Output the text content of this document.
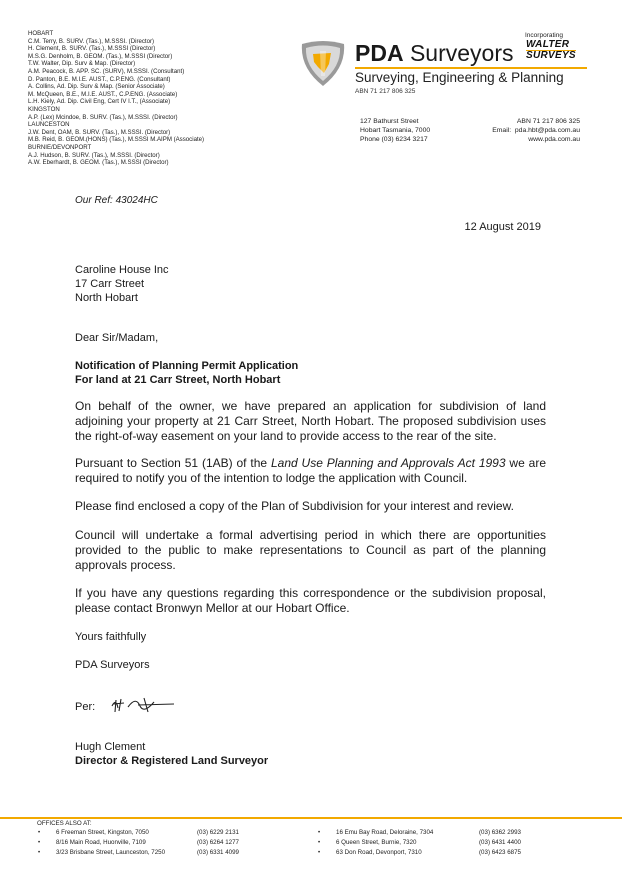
HOBART
C.M. Terry, B. SURV. (Tas.), M.SSSI. (Director)
H. Clement, B. SURV. (Tas.), M.SSSI (Director)
M.S.G. Denholm, B. GEOM. (Tas.), M.SSSI (Director)
T.W. Walter, Dip. Surv & Map. (Director)
A.M. Peacock, B. APP. SC. (SURV), M.SSSI. (Consultant)
D. Panton, B.E. M.I.E. AUST., C.P.ENG. (Consultant)
A. Collins, Ad. Dip. Surv & Map. (Senior Associate)
M. McQueen, B.E., M.I.E. AUST., C.P.ENG. (Associate)
L.H. Kiely, Ad. Dip. Civil Eng, Cert IV I.T., (Associate)
KINGSTON
A.P. (Lex) Mcindoe, B. SURV. (Tas.), M.SSSI. (Director)
LAUNCESTON
J.W. Dent, OAM, B. SURV. (Tas.), M.SSSI. (Director)
M.B. Reid, B. GEOM.(HONS) (Tas.), M.SSSI M.AIPM (Associate)
BURNIE/DEVONPORT
A.J. Hudson, B. SURV. (Tas.), M.SSSI. (Director)
A.W. Eberhardt, B. GEOM. (Tas.), M.SSSI (Director)
PDA Surveyors
Incorporating
WALTER
SURVEYS
Surveying, Engineering & Planning
ABN 71 217 806 325
127 Bathurst Street
Hobart Tasmania, 7000
Phone (03) 6234 3217
ABN 71 217 806 325
Email: pda.hbt@pda.com.au
www.pda.com.au
Our Ref: 43024HC
12 August 2019
Caroline House Inc
17 Carr Street
North Hobart
Dear Sir/Madam,
Notification of Planning Permit Application
For land at 21 Carr Street, North Hobart
On behalf of the owner, we have prepared an application for subdivision of land adjoining your property at 21 Carr Street, North Hobart. The proposed subdivision uses the right-of-way easement on your land to provide access to the rear of the site.
Pursuant to Section 51 (1AB) of the Land Use Planning and Approvals Act 1993 we are required to notify you of the intention to lodge the application with Council.
Please find enclosed a copy of the Plan of Subdivision for your interest and review.
Council will undertake a formal advertising period in which there are opportunities provided to the public to make representations to Council as part of the planning approvals process.
If you have any questions regarding this correspondence or the subdivision proposal, please contact Bronwyn Mellor at our Hobart Office.
Yours faithfully
PDA Surveyors
Per:
Hugh Clement
Director & Registered Land Surveyor
OFFICES ALSO AT:
•	6 Freeman Street, Kingston, 7050	(03) 6229 2131
•	8/16 Main Road, Huonville, 7109	(03) 6264 1277
•	3/23 Brisbane Street, Launceston, 7250	(03) 6331 4099
•	16 Emu Bay Road, Deloraine, 7304	(03) 6362 2993
•	6 Queen Street, Burnie, 7320	(03) 6431 4400
•	63 Don Road, Devonport, 7310	(03) 6423 6875
